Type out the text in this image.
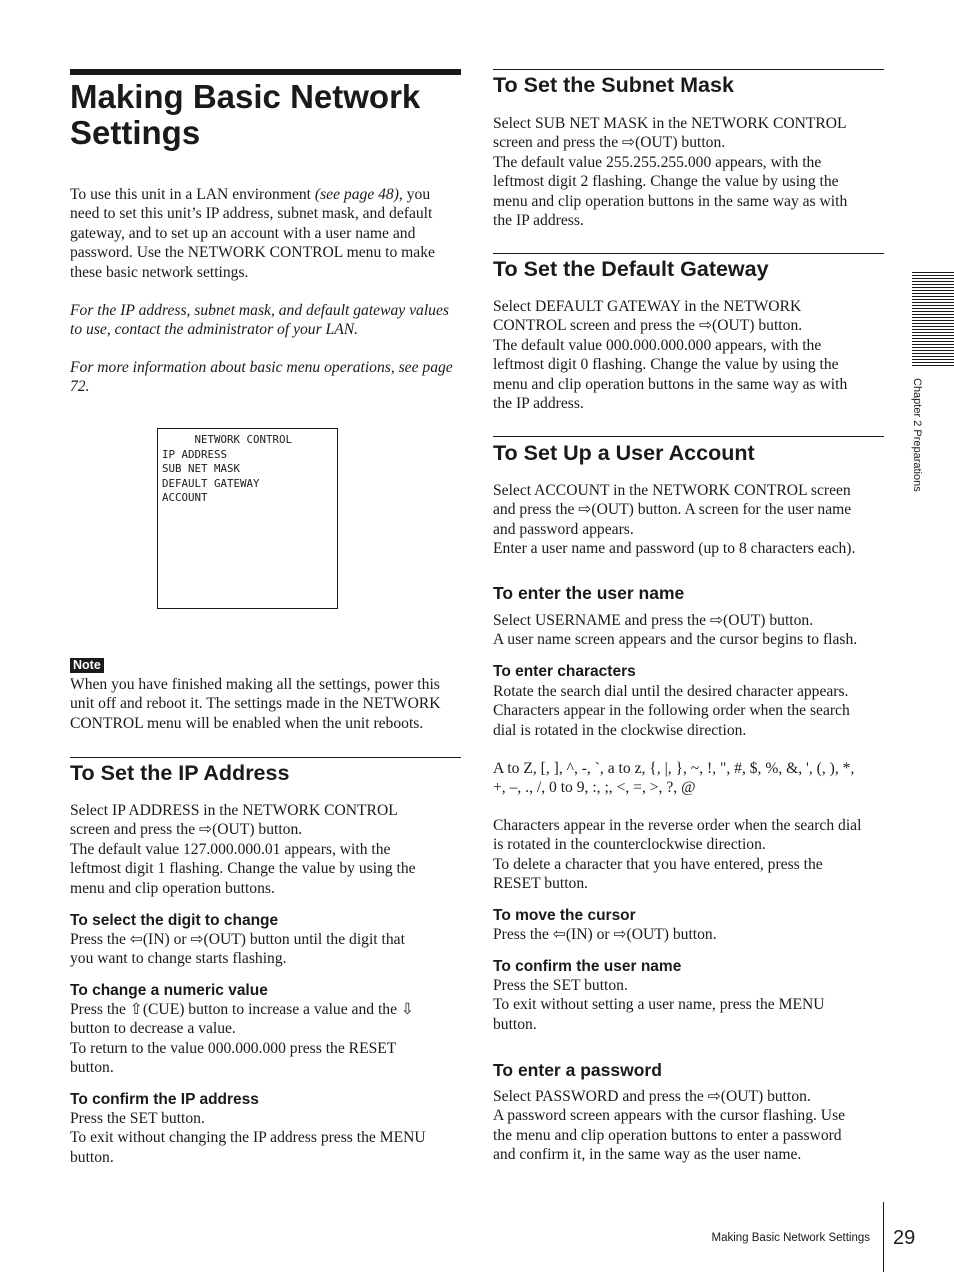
Making Basic Network
Settings

To use this unit in a LAN environment (see page 48), you need to set this unit’s IP address, subnet mask, and default gateway, and to set up an account with a user name and password. Use the NETWORK CONTROL menu to make these basic network settings.

For the IP address, subnet mask, and default gateway values to use, contact the administrator of your LAN.

For more information about basic menu operations, see page 72.

NETWORK CONTROL
IP ADDRESS
SUB NET MASK
DEFAULT GATEWAY
ACCOUNT
Note

When you have finished making all the settings, power this unit off and reboot it. The settings made in the NETWORK CONTROL menu will be enabled when the unit reboots.

To Set the IP Address

Select IP ADDRESS in the NETWORK CONTROL
screen and press the ⇨(OUT) button.
The default value 127.000.000.01 appears, with the
leftmost digit 1 flashing. Change the value by using the
menu and clip operation buttons.

To select the digit to change

Press the ⇦(IN) or ⇨(OUT) button until the digit that
you want to change starts flashing.

To change a numeric value

Press the ⇧(CUE) button to increase a value and the ⇩
button to decrease a value.
To return to the value 000.000.000 press the RESET
button.

To confirm the IP address

Press the SET button.
To exit without changing the IP address press the MENU
button.

To Set the Subnet Mask

Select SUB NET MASK in the NETWORK CONTROL
screen and press the ⇨(OUT) button.
The default value 255.255.255.000 appears, with the
leftmost digit 2 flashing. Change the value by using the
menu and clip operation buttons in the same way as with
the IP address.

To Set the Default Gateway

Select DEFAULT GATEWAY in the NETWORK
CONTROL screen and press the ⇨(OUT) button.
The default value 000.000.000.000 appears, with the
leftmost digit 0 flashing. Change the value by using the
menu and clip operation buttons in the same way as with
the IP address.

To Set Up a User Account

Select ACCOUNT in the NETWORK CONTROL screen
and press the ⇨(OUT) button. A screen for the user name
and password appears.
Enter a user name and password (up to 8 characters each).

To enter the user name

Select USERNAME and press the ⇨(OUT) button.
A user name screen appears and the cursor begins to flash.

To enter characters

Rotate the search dial until the desired character appears.
Characters appear in the following order when the search
dial is rotated in the clockwise direction.

A to Z, [, ], ^, -, `, a to z, {, |, }, ~, !, ", #, $, %, &, ', (, ), *,
+, –, ., /, 0 to 9, :, ;, <, =, >, ?, @

Characters appear in the reverse order when the search dial
is rotated in the counterclockwise direction.
To delete a character that you have entered, press the
RESET button.

To move the cursor

Press the ⇦(IN) or ⇨(OUT) button.

To confirm the user name

Press the SET button.
To exit without setting a user name, press the MENU
button.

To enter a password

Select PASSWORD and press the ⇨(OUT) button.
A password screen appears with the cursor flashing. Use
the menu and clip operation buttons to enter a password
and confirm it, in the same way as the user name.

Chapter 2 Preparations
Making Basic Network Settings 29
